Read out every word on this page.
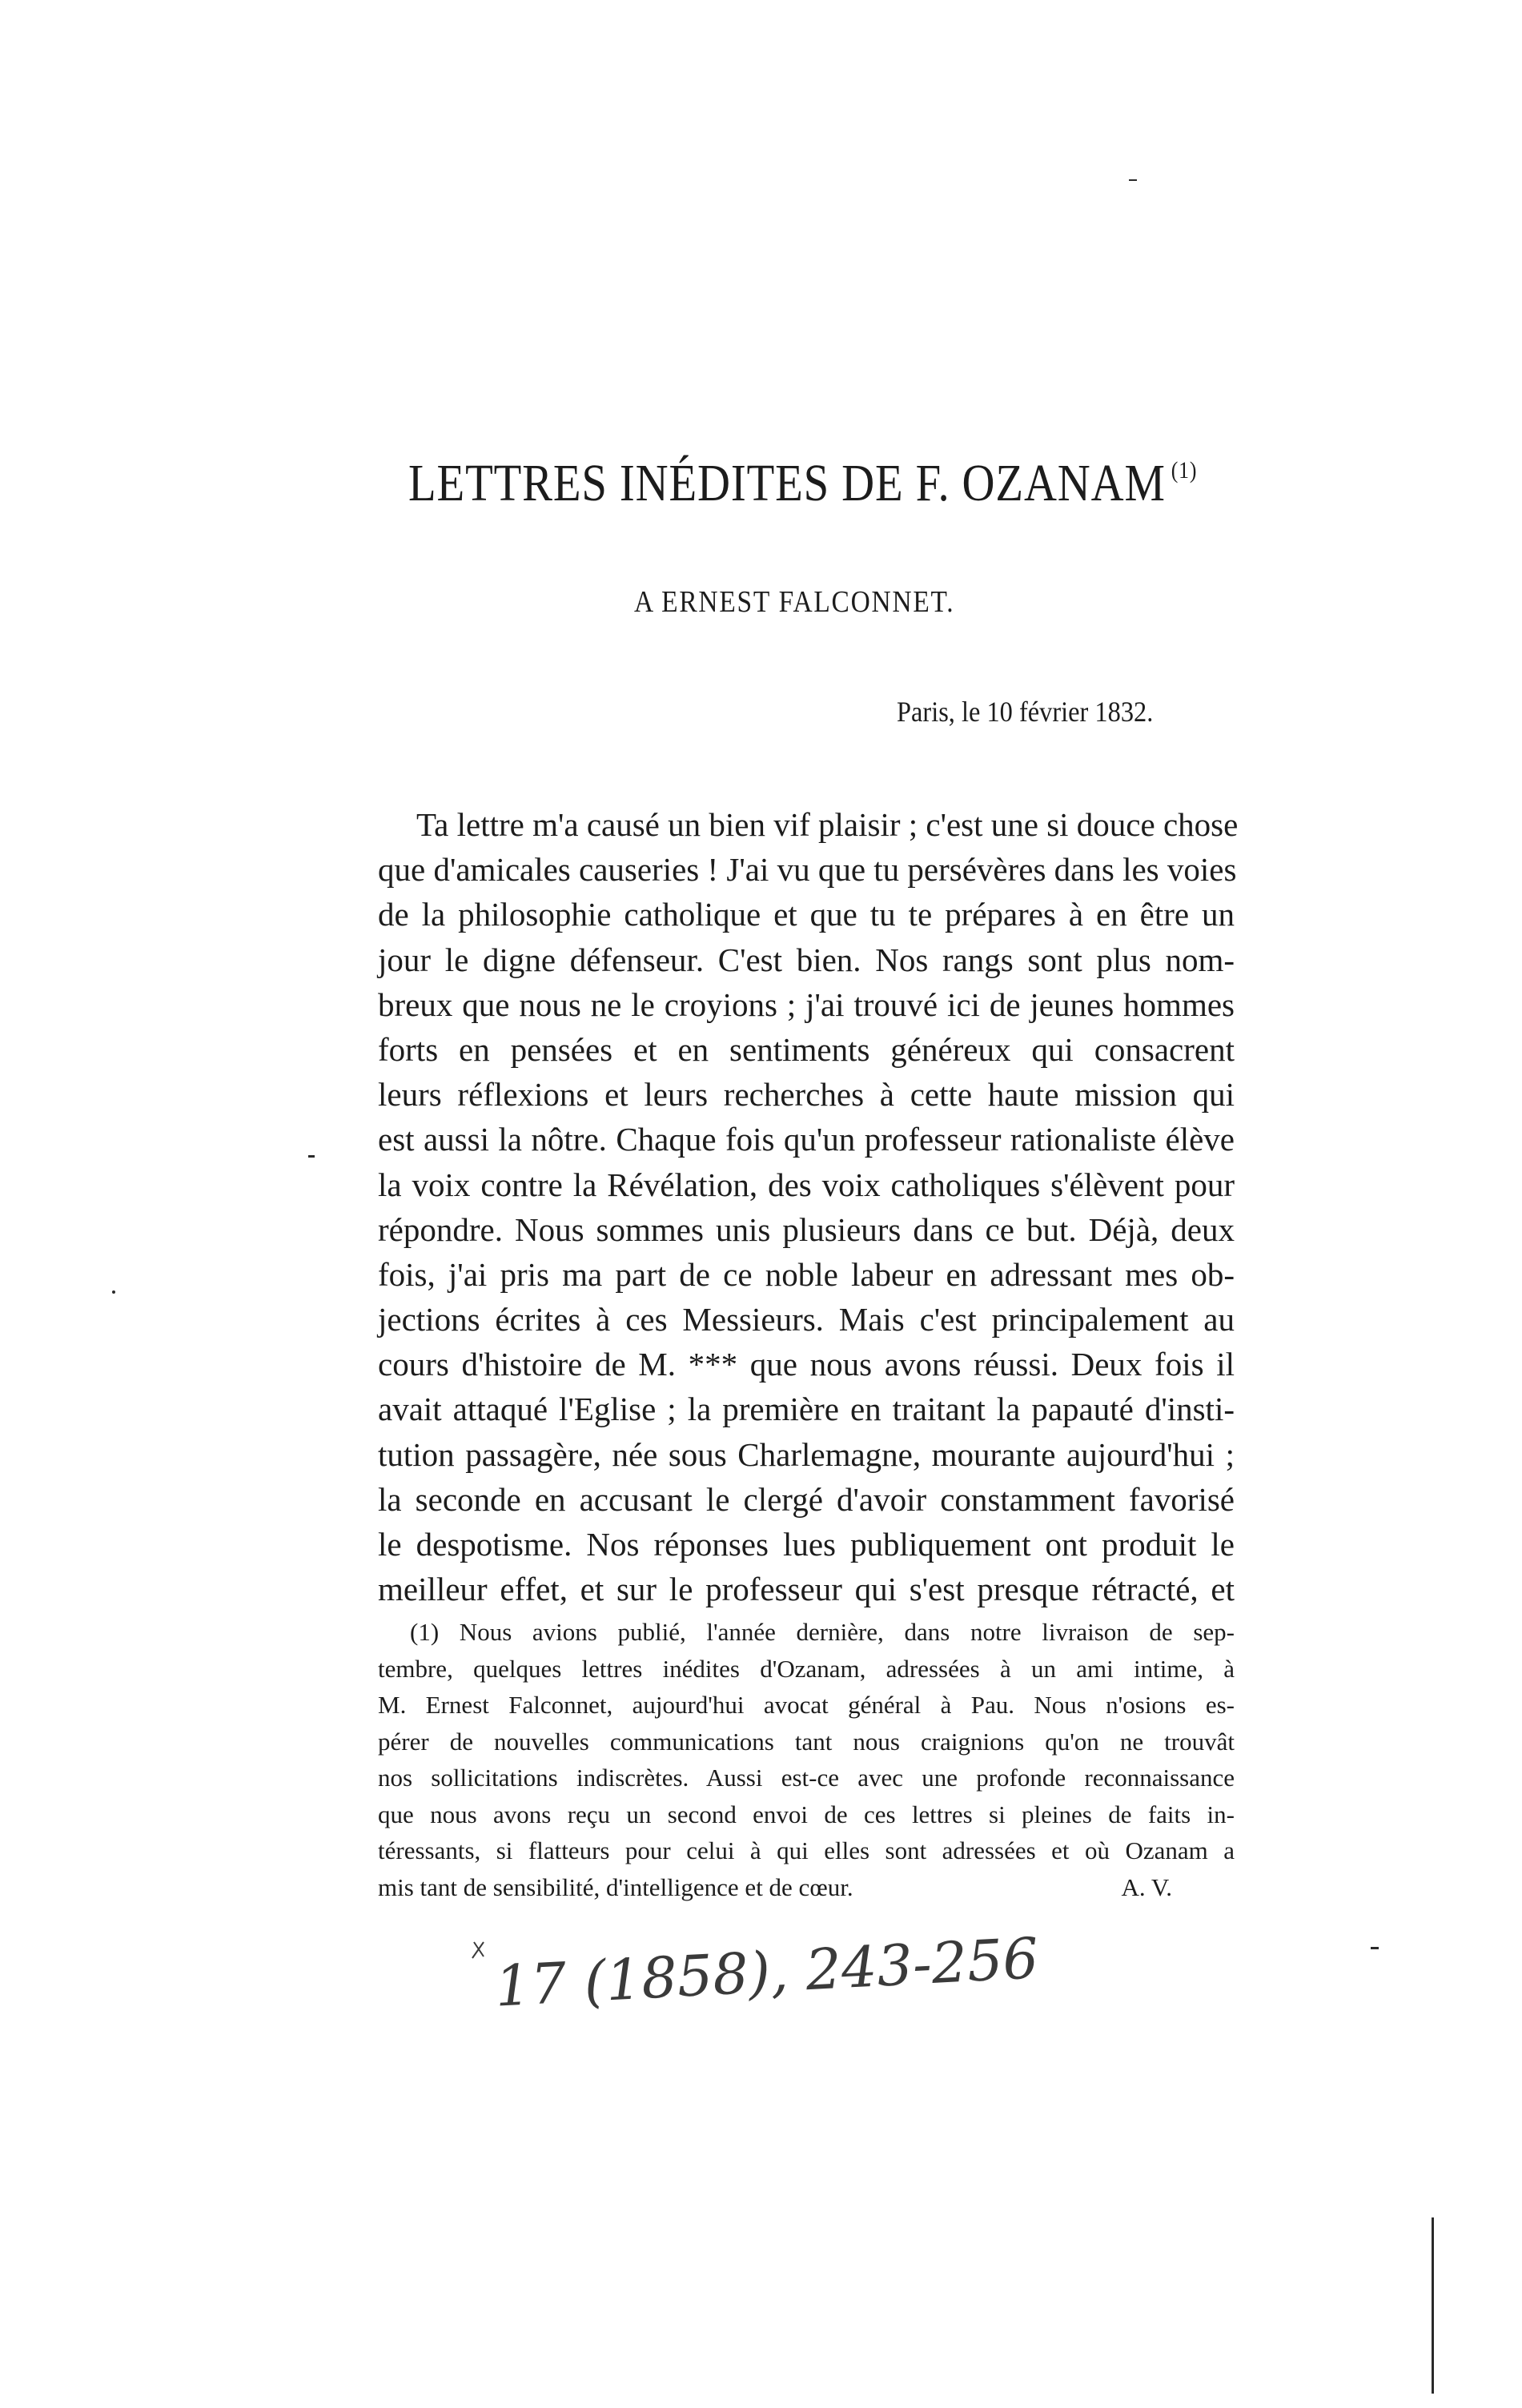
LETTRES INÉDITES DE F. OZANAM $^{(1)}$
A ERNEST FALCONNET.
Paris, le 10 février 1832.
Ta lettre m'a causé un bien vif plaisir ; c'est une si douce chose
que d'amicales causeries ! J'ai vu que tu persévères dans les voies
de la philosophie catholique et que tu te prépares à en être un
jour le digne défenseur. C'est bien. Nos rangs sont plus nom-
breux que nous ne le croyions ; j'ai trouvé ici de jeunes hommes
forts en pensées et en sentiments généreux qui consacrent
leurs réflexions et leurs recherches à cette haute mission qui
est aussi la nôtre. Chaque fois qu'un professeur rationaliste élève
la voix contre la Révélation, des voix catholiques s'élèvent pour
répondre. Nous sommes unis plusieurs dans ce but. Déjà, deux
fois, j'ai pris ma part de ce noble labeur en adressant mes ob-
jections écrites à ces Messieurs. Mais c'est principalement au
cours d'histoire de M. *** que nous avons réussi. Deux fois il
avait attaqué l'Eglise ; la première en traitant la papauté d'insti-
tution passagère, née sous Charlemagne, mourante aujourd'hui ;
la seconde en accusant le clergé d'avoir constamment favorisé
le despotisme. Nos réponses lues publiquement ont produit le
meilleur effet, et sur le professeur qui s'est presque rétracté, et
(1) Nous avions publié, l'année dernière, dans notre livraison de sep-
tembre, quelques lettres inédites d'Ozanam, adressées à un ami intime, à
M. Ernest Falconnet, aujourd'hui avocat général à Pau. Nous n'osions es-
pérer de nouvelles communications tant nous craignions qu'on ne trouvât
nos sollicitations indiscrètes. Aussi est-ce avec une profonde reconnaissance
que nous avons reçu un second envoi de ces lettres si pleines de faits in-
téressants, si flatteurs pour celui à qui elles sont adressées et où Ozanam a
mis tant de sensibilité, d'intelligence et de cœur.	A. V.
17 (1858), 243-256
